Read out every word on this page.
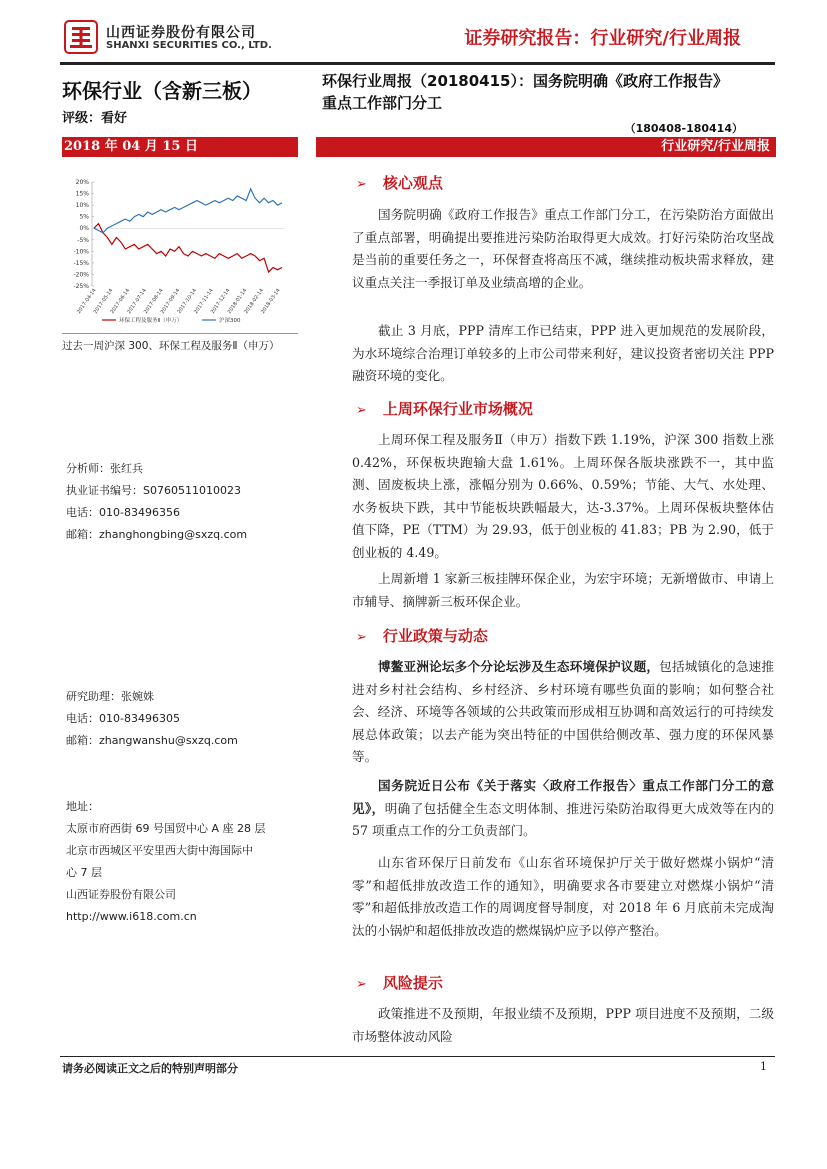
山西证券股份有限公司
SHANXI SECURITIES CO., LTD.	证券研究报告：行业研究/行业周报
环保行业（含新三板）
评级：看好
环保行业周报（20180415）：国务院明确《政府工作报告》
重点工作部门分工
（180408-180414）
2018 年 04 月 15 日	行业研究/行业周报
20%
15%
10%
5%
0%
-5%
-10%
-15%
-20%
-25%
2017-04-14
2017-05-14
2017-06-14
2017-07-14
2017-08-14
2017-09-14
2017-10-14
2017-11-14
2017-12-14
2018-01-14
2018-02-14
2018-03-14
环保工程及服务Ⅱ（申万）	沪深300
过去一周沪深 300、环保工程及服务Ⅱ（申万）
分析师：张红兵
执业证书编号：S0760511010023
电话：010-83496356
邮箱：zhanghongbing@sxzq.com
研究助理：张婉姝
电话：010-83496305
邮箱：zhangwanshu@sxzq.com
地址：
太原市府西街 69 号国贸中心 A 座 28 层
北京市西城区平安里西大街中海国际中
心 7 层
山西证券股份有限公司
http://www.i618.com.cn
➢ 核心观点
国务院明确《政府工作报告》重点工作部门分工，在污染防治方面做出了重点部署，明确提出要推进污染防治取得更大成效。打好污染防治攻坚战是当前的重要任务之一，环保督查将高压不减，继续推动板块需求释放，建议重点关注一季报订单及业绩高增的企业。
截止 3 月底，PPP 清库工作已结束，PPP 进入更加规范的发展阶段，为水环境综合治理订单较多的上市公司带来利好，建议投资者密切关注 PPP 融资环境的变化。
➢ 上周环保行业市场概况
上周环保工程及服务Ⅱ（申万）指数下跌 1.19%，沪深 300 指数上涨 0.42%，环保板块跑输大盘 1.61%。上周环保各版块涨跌不一，其中监测、固废板块上涨，涨幅分别为 0.66%、0.59%；节能、大气、水处理、水务板块下跌，其中节能板块跌幅最大，达-3.37%。上周环保板块整体估值下降，PE（TTM）为 29.93，低于创业板的 41.83；PB 为 2.90，低于创业板的 4.49。
上周新增 1 家新三板挂牌环保企业，为宏宇环境；无新增做市、申请上市辅导、摘牌新三板环保企业。
➢ 行业政策与动态
博鳌亚洲论坛多个分论坛涉及生态环境保护议题，包括城镇化的急速推进对乡村社会结构、乡村经济、乡村环境有哪些负面的影响；如何整合社会、经济、环境等各领域的公共政策而形成相互协调和高效运行的可持续发展总体政策；以去产能为突出特征的中国供给侧改革、强力度的环保风暴等。
国务院近日公布《关于落实〈政府工作报告〉重点工作部门分工的意见》，明确了包括健全生态文明体制、推进污染防治取得更大成效等在内的 57 项重点工作的分工负责部门。
山东省环保厅日前发布《山东省环境保护厅关于做好燃煤小锅炉“清零”和超低排放改造工作的通知》，明确要求各市要建立对燃煤小锅炉“清零”和超低排放改造工作的周调度督导制度，对 2018 年 6 月底前未完成淘汰的小锅炉和超低排放改造的燃煤锅炉应予以停产整治。
➢ 风险提示
政策推进不及预期，年报业绩不及预期，PPP 项目进度不及预期，二级市场整体波动风险
请务必阅读正文之后的特别声明部分	1
